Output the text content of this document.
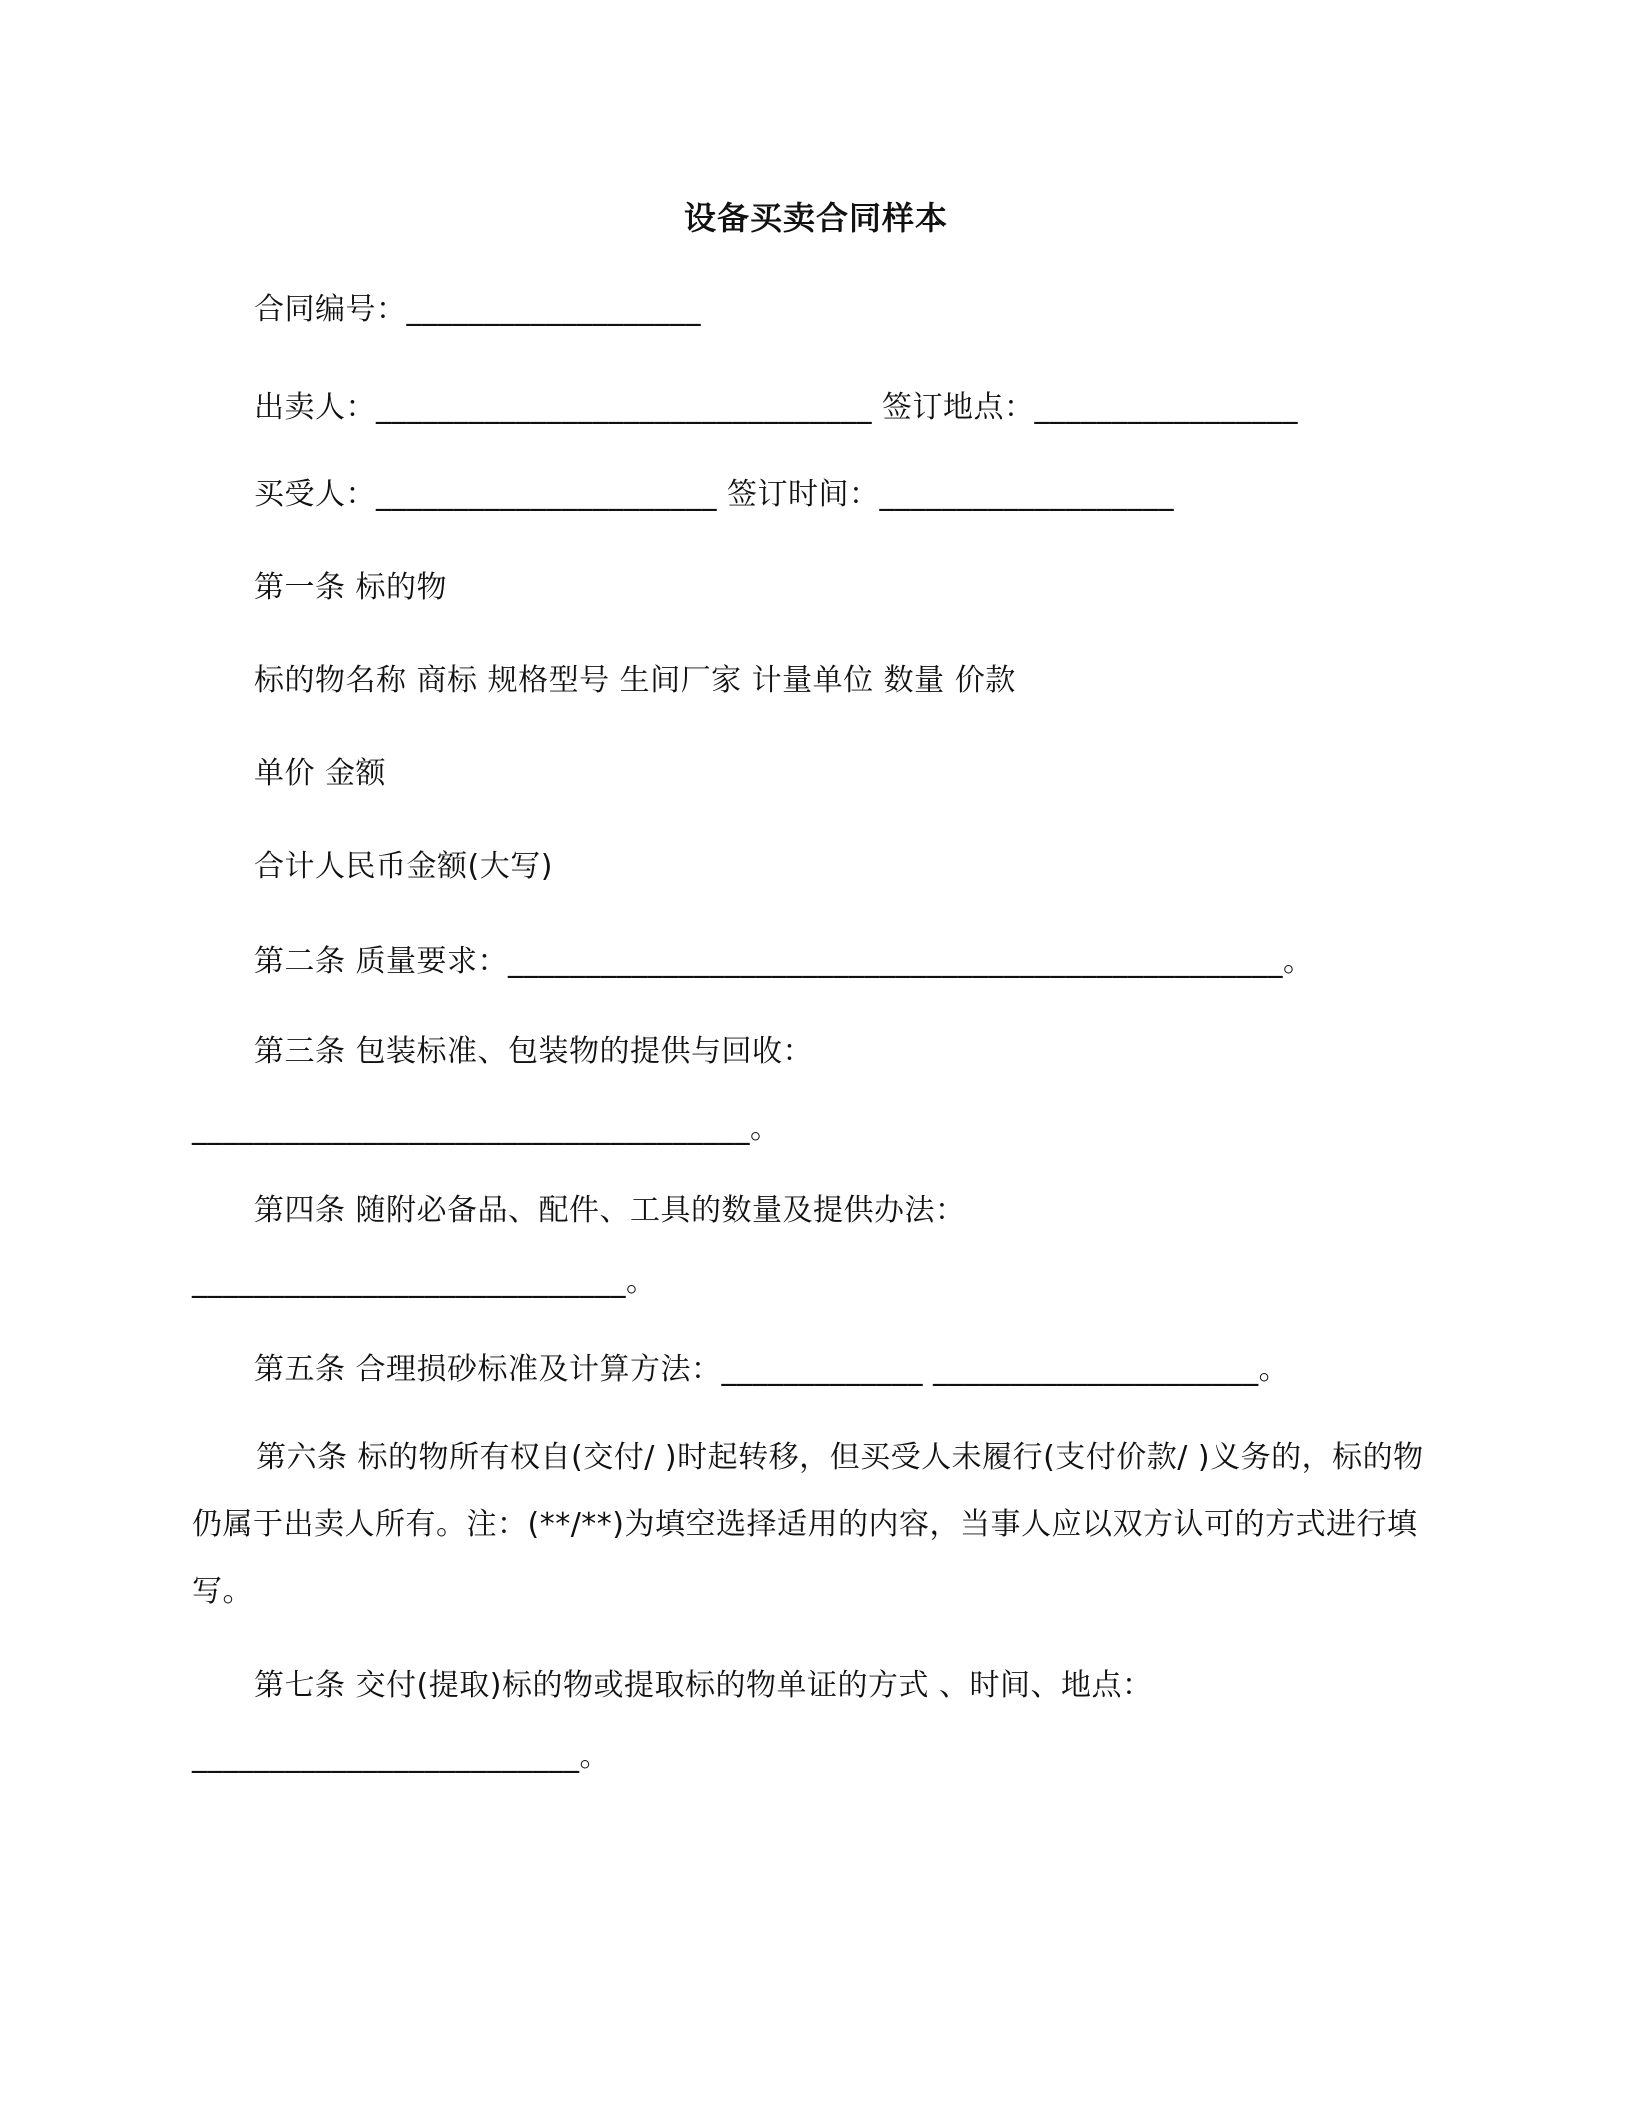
设备买卖合同样本
合同编号：___________________
出卖人：________________________________ 签订地点：_________________
买受人：______________________ 签订时间：___________________
第一条 标的物
标的物名称 商标 规格型号 生间厂家 计量单位 数量 价款
单价 金额
合计人民币金额(大写)
第二条 质量要求：__________________________________________________。
第三条 包装标准、包装物的提供与回收：
____________________________________。
第四条 随附必备品、配件、工具的数量及提供办法：
____________________________。
第五条 合理损砂标准及计算方法：_____________ _____________________。
第六条 标的物所有权自(交付/ )时起转移，但买受人未履行(支付价款/ )义务的，标的物仍属于出卖人所有。注：(**/**)为填空选择适用的内容，当事人应以双方认可的方式进行填写。
第七条 交付(提取)标的物或提取标的物单证的方式 、时间、地点：
_________________________。
